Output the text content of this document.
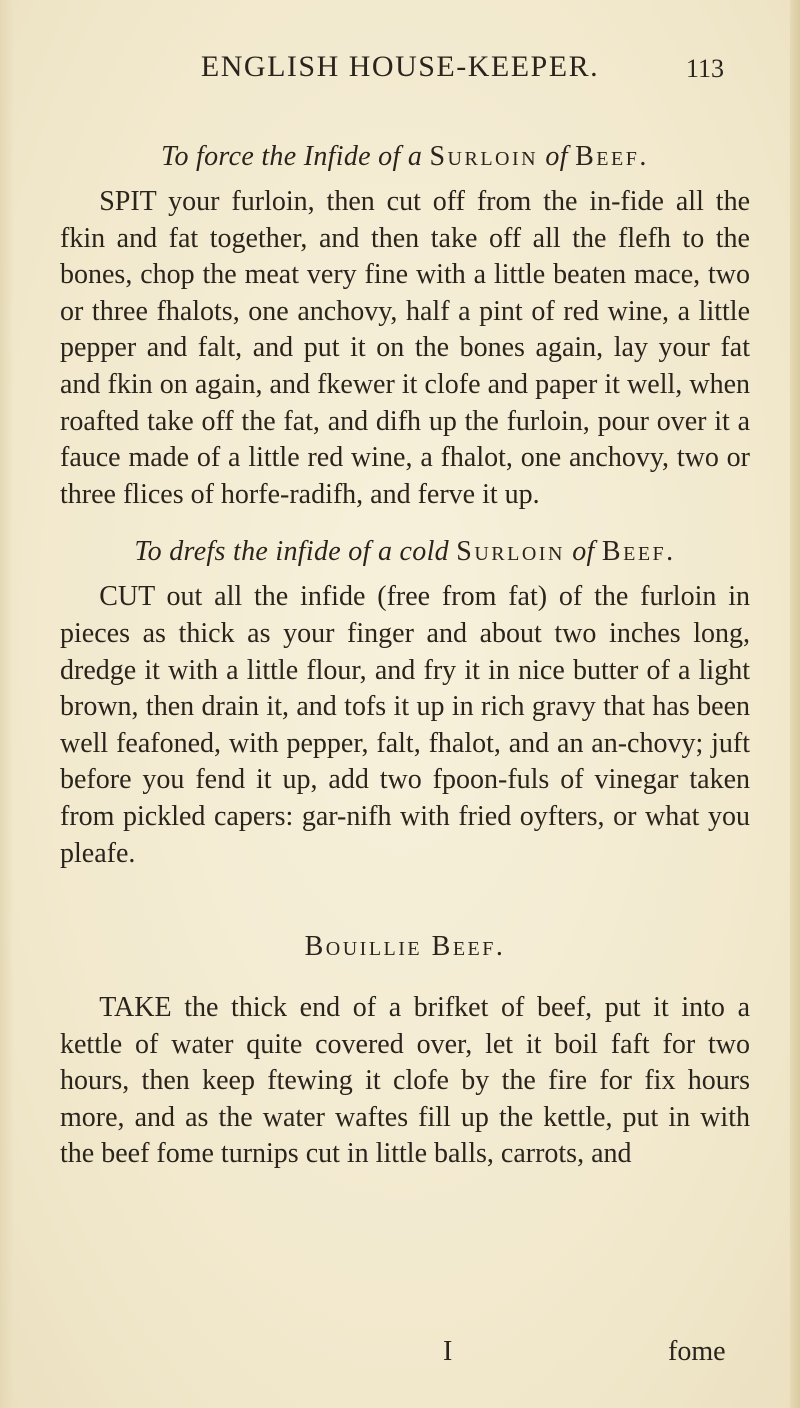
ENGLISH HOUSE-KEEPER.	113
To force the Infide of a Surloin of Beef.

SPIT your furloin, then cut off from the in-fide all the fkin and fat together, and then take off all the flefh to the bones, chop the meat very fine with a little beaten mace, two or three fhalots, one anchovy, half a pint of red wine, a little pepper and falt, and put it on the bones again, lay your fat and fkin on again, and fkewer it clofe and paper it well, when roafted take off the fat, and difh up the furloin, pour over it a fauce made of a little red wine, a fhalot, one anchovy, two or three flices of horfe-radifh, and ferve it up.

To drefs the infide of a cold Surloin of Beef.

CUT out all the infide (free from fat) of the furloin in pieces as thick as your finger and about two inches long, dredge it with a little flour, and fry it in nice butter of a light brown, then drain it, and tofs it up in rich gravy that has been well feafoned, with pepper, falt, fhalot, and an an-chovy; juft before you fend it up, add two fpoon-fuls of vinegar taken from pickled capers: gar-nifh with fried oyfters, or what you pleafe.

Bouillie Beef.

TAKE the thick end of a brifket of beef, put it into a kettle of water quite covered over, let it boil faft for two hours, then keep ftewing it clofe by the fire for fix hours more, and as the water waftes fill up the kettle, put in with the beef fome turnips cut in little balls, carrots, and

I	fome
